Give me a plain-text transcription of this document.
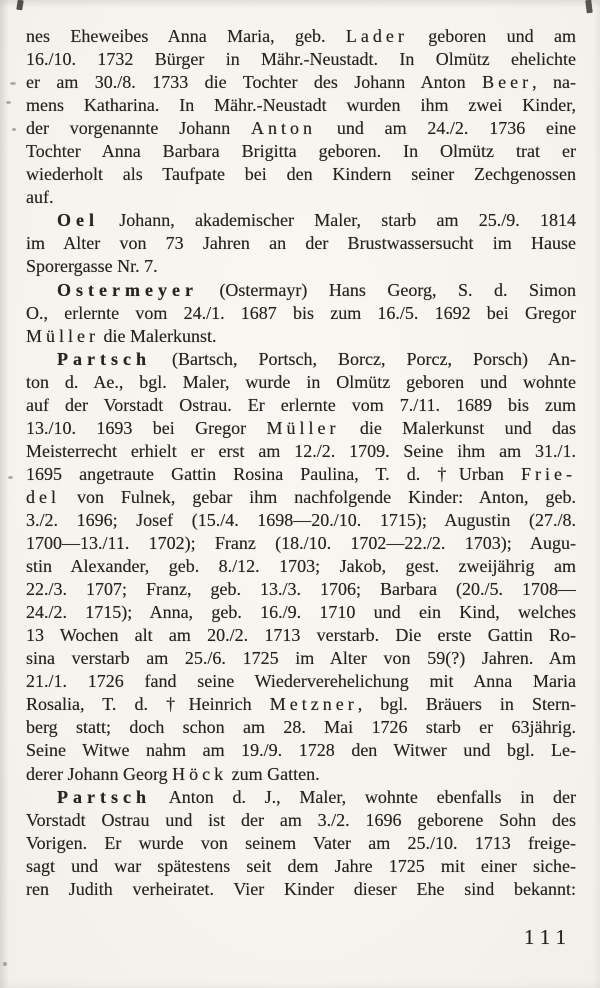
nes Eheweibes Anna Maria, geb. Lader geboren und am
16./10. 1732 Bürger in Mähr.-Neustadt. In Olmütz ehelichte
er am 30./8. 1733 die Tochter des Johann Anton Beer, na-
mens Katharina. In Mähr.-Neustadt wurden ihm zwei Kinder,
der vorgenannte Johann Anton und am 24./2. 1736 eine
Tochter Anna Barbara Brigitta geboren. In Olmütz trat er
wiederholt als Taufpate bei den Kindern seiner Zechgenossen
auf.
Oel Johann, akademischer Maler, starb am 25./9. 1814
im Alter von 73 Jahren an der Brustwassersucht im Hause
Sporergasse Nr. 7.
Ostermeyer (Ostermayr) Hans Georg, S. d. Simon
O., erlernte vom 24./1. 1687 bis zum 16./5. 1692 bei Gregor
Müller die Malerkunst.
Partsch (Bartsch, Portsch, Borcz, Porcz, Porsch) An-
ton d. Ae., bgl. Maler, wurde in Olmütz geboren und wohnte
auf der Vorstadt Ostrau. Er erlernte vom 7./11. 1689 bis zum
13./10. 1693 bei Gregor Müller die Malerkunst und das
Meisterrecht erhielt er erst am 12./2. 1709. Seine ihm am 31./1.
1695 angetraute Gattin Rosina Paulina, T. d. †Urban Frie-
del von Fulnek, gebar ihm nachfolgende Kinder: Anton, geb.
3./2. 1696; Josef (15./4. 1698—20./10. 1715); Augustin (27./8.
1700—13./11. 1702); Franz (18./10. 1702—22./2. 1703); Augu-
stin Alexander, geb. 8./12. 1703; Jakob, gest. zweijährig am
22./3. 1707; Franz, geb. 13./3. 1706; Barbara (20./5. 1708—
24./2. 1715); Anna, geb. 16./9. 1710 und ein Kind, welches
13 Wochen alt am 20./2. 1713 verstarb. Die erste Gattin Ro-
sina verstarb am 25./6. 1725 im Alter von 59(?) Jahren. Am
21./1. 1726 fand seine Wiederverehelichung mit Anna Maria
Rosalia, T. d. †Heinrich Metzner, bgl. Bräuers in Stern-
berg statt; doch schon am 28. Mai 1726 starb er 63jährig.
Seine Witwe nahm am 19./9. 1728 den Witwer und bgl. Le-
derer Johann Georg Höck zum Gatten.
Partsch Anton d. J., Maler, wohnte ebenfalls in der
Vorstadt Ostrau und ist der am 3./2. 1696 geborene Sohn des
Vorigen. Er wurde von seinem Vater am 25./10. 1713 freige-
sagt und war spätestens seit dem Jahre 1725 mit einer siche-
ren Judith verheiratet. Vier Kinder dieser Ehe sind bekannt:
111
